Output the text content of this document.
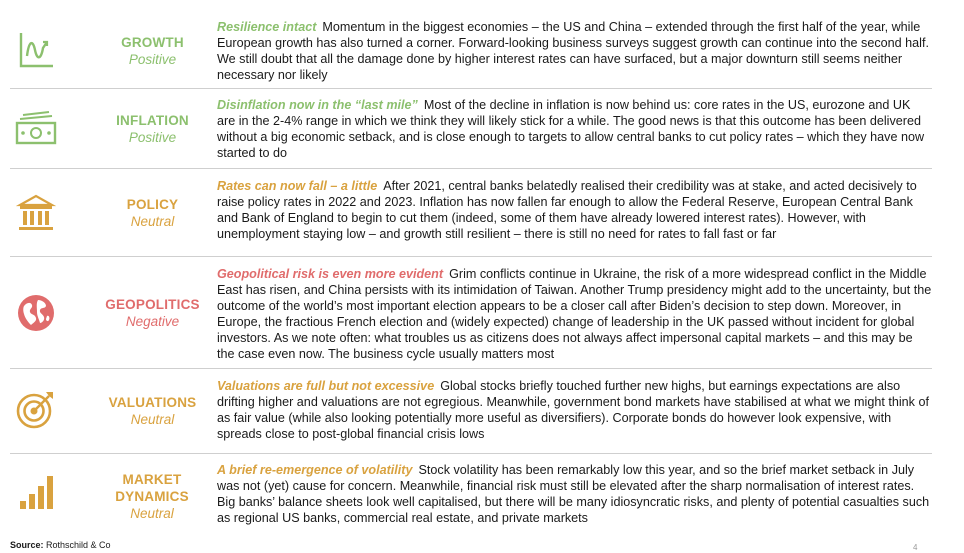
GROWTH
Positive
Resilience intact Momentum in the biggest economies – the US and China – extended through the first half of the year, while European growth has also turned a corner. Forward-looking business surveys suggest growth can continue into the second half. We still doubt that all the damage done by higher interest rates can have surfaced, but a major downturn still seems neither necessary nor likely
INFLATION
Positive
Disinflation now in the “last mile” Most of the decline in inflation is now behind us: core rates in the US, eurozone and UK are in the 2-4% range in which we think they will likely stick for a while. The good news is that this outcome has been delivered without a big economic setback, and is close enough to targets to allow central banks to cut policy rates – which they have now started to do
POLICY
Neutral
Rates can now fall – a little After 2021, central banks belatedly realised their credibility was at stake, and acted decisively to raise policy rates in 2022 and 2023. Inflation has now fallen far enough to allow the Federal Reserve, European Central Bank and Bank of England to begin to cut them (indeed, some of them have already lowered interest rates). However, with unemployment staying low – and growth still resilient – there is still no need for rates to fall fast or far
GEOPOLITICS
Negative
Geopolitical risk is even more evident Grim conflicts continue in Ukraine, the risk of a more widespread conflict in the Middle East has risen, and China persists with its intimidation of Taiwan. Another Trump presidency might add to the uncertainty, but the outcome of the world’s most important election appears to be a closer call after Biden’s decision to step down. Moreover, in Europe, the fractious French election and (widely expected) change of leadership in the UK passed without incident for global investors. As we note often: what troubles us as citizens does not always affect impersonal capital markets – and this may be the case even now. The business cycle usually matters most
VALUATIONS
Neutral
Valuations are full but not excessive Global stocks briefly touched further new highs, but earnings expectations are also drifting higher and valuations are not egregious. Meanwhile, government bond markets have stabilised at what we might think of as fair value (while also looking potentially more useful as diversifiers). Corporate bonds do however look expensive, with spreads close to post-global financial crisis lows
MARKET DYNAMICS
Neutral
A brief re-emergence of volatility Stock volatility has been remarkably low this year, and so the brief market setback in July was not (yet) cause for concern. Meanwhile, financial risk must still be elevated after the sharp normalisation of interest rates. Big banks’ balance sheets look well capitalised, but there will be many idiosyncratic risks, and plenty of potential casualties such as regional US banks, commercial real estate, and private markets
Source: Rothschild & Co	4
